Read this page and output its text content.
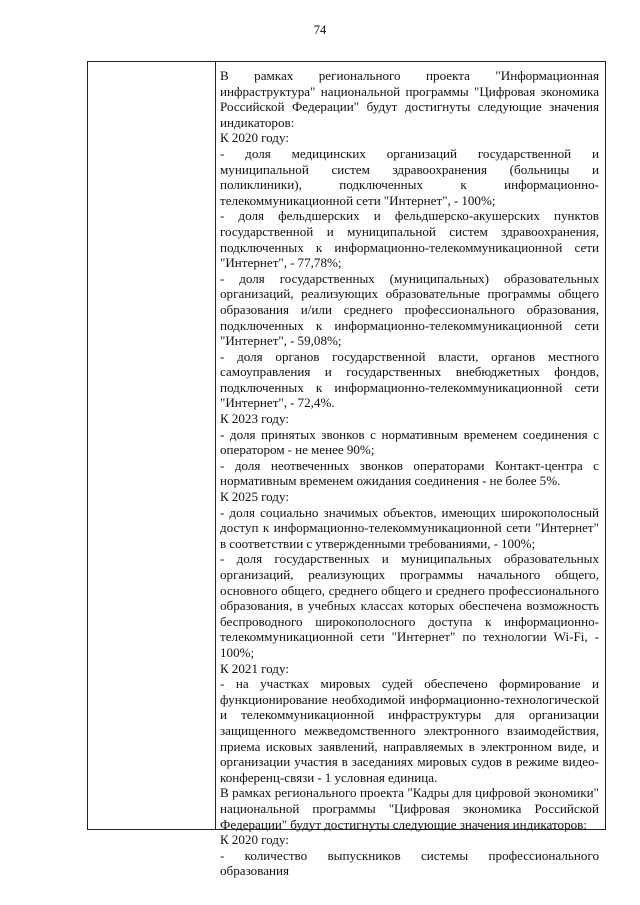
74

В рамках регионального проекта "Информационная инфраструктура" национальной программы "Цифровая экономика Российской Федерации" будут достигнуты следующие значения индикаторов:

К 2020 году:

- доля медицинских организаций государственной и муниципальной систем здравоохранения (больницы и поликлиники), подключенных к информационно-телекоммуникационной сети "Интернет", - 100%;

- доля фельдшерских и фельдшерско-акушерских пунктов государственной и муниципальной систем здравоохранения, подключенных к информационно-телекоммуникационной сети "Интернет", - 77,78%;

- доля государственных (муниципальных) образовательных организаций, реализующих образовательные программы общего образования и/или среднего профессионального образования, подключенных к информационно-телекоммуникационной сети "Интернет", - 59,08%;

- доля органов государственной власти, органов местного самоуправления и государственных внебюджетных фондов, подключенных к информационно-телекоммуникационной сети "Интернет", - 72,4%.

К 2023 году:

- доля принятых звонков с нормативным временем соединения с оператором - не менее 90%;

- доля неотвеченных звонков операторами Контакт-центра с нормативным временем ожидания соединения - не более 5%.

К 2025 году:

- доля социально значимых объектов, имеющих широкополосный доступ к информационно-телекоммуникационной сети "Интернет" в соответствии с утвержденными требованиями, - 100%;

- доля государственных и муниципальных образовательных организаций, реализующих программы начального общего, основного общего, среднего общего и среднего профессионального образования, в учебных классах которых обеспечена возможность беспроводного широкополосного доступа к информационно-телекоммуникационной сети "Интернет" по технологии Wi-Fi, - 100%;

К 2021 году:

- на участках мировых судей обеспечено формирование и функционирование необходимой информационно-технологической и телекоммуникационной инфраструктуры для организации защищенного межведомственного электронного взаимодействия, приема исковых заявлений, направляемых в электронном виде, и организации участия в заседаниях мировых судов в режиме видео-конференц-связи - 1 условная единица.

В рамках регионального проекта "Кадры для цифровой экономики" национальной программы "Цифровая экономика Российской Федерации" будут достигнуты следующие значения индикаторов:

К 2020 году:

- количество выпускников системы профессионального образования
